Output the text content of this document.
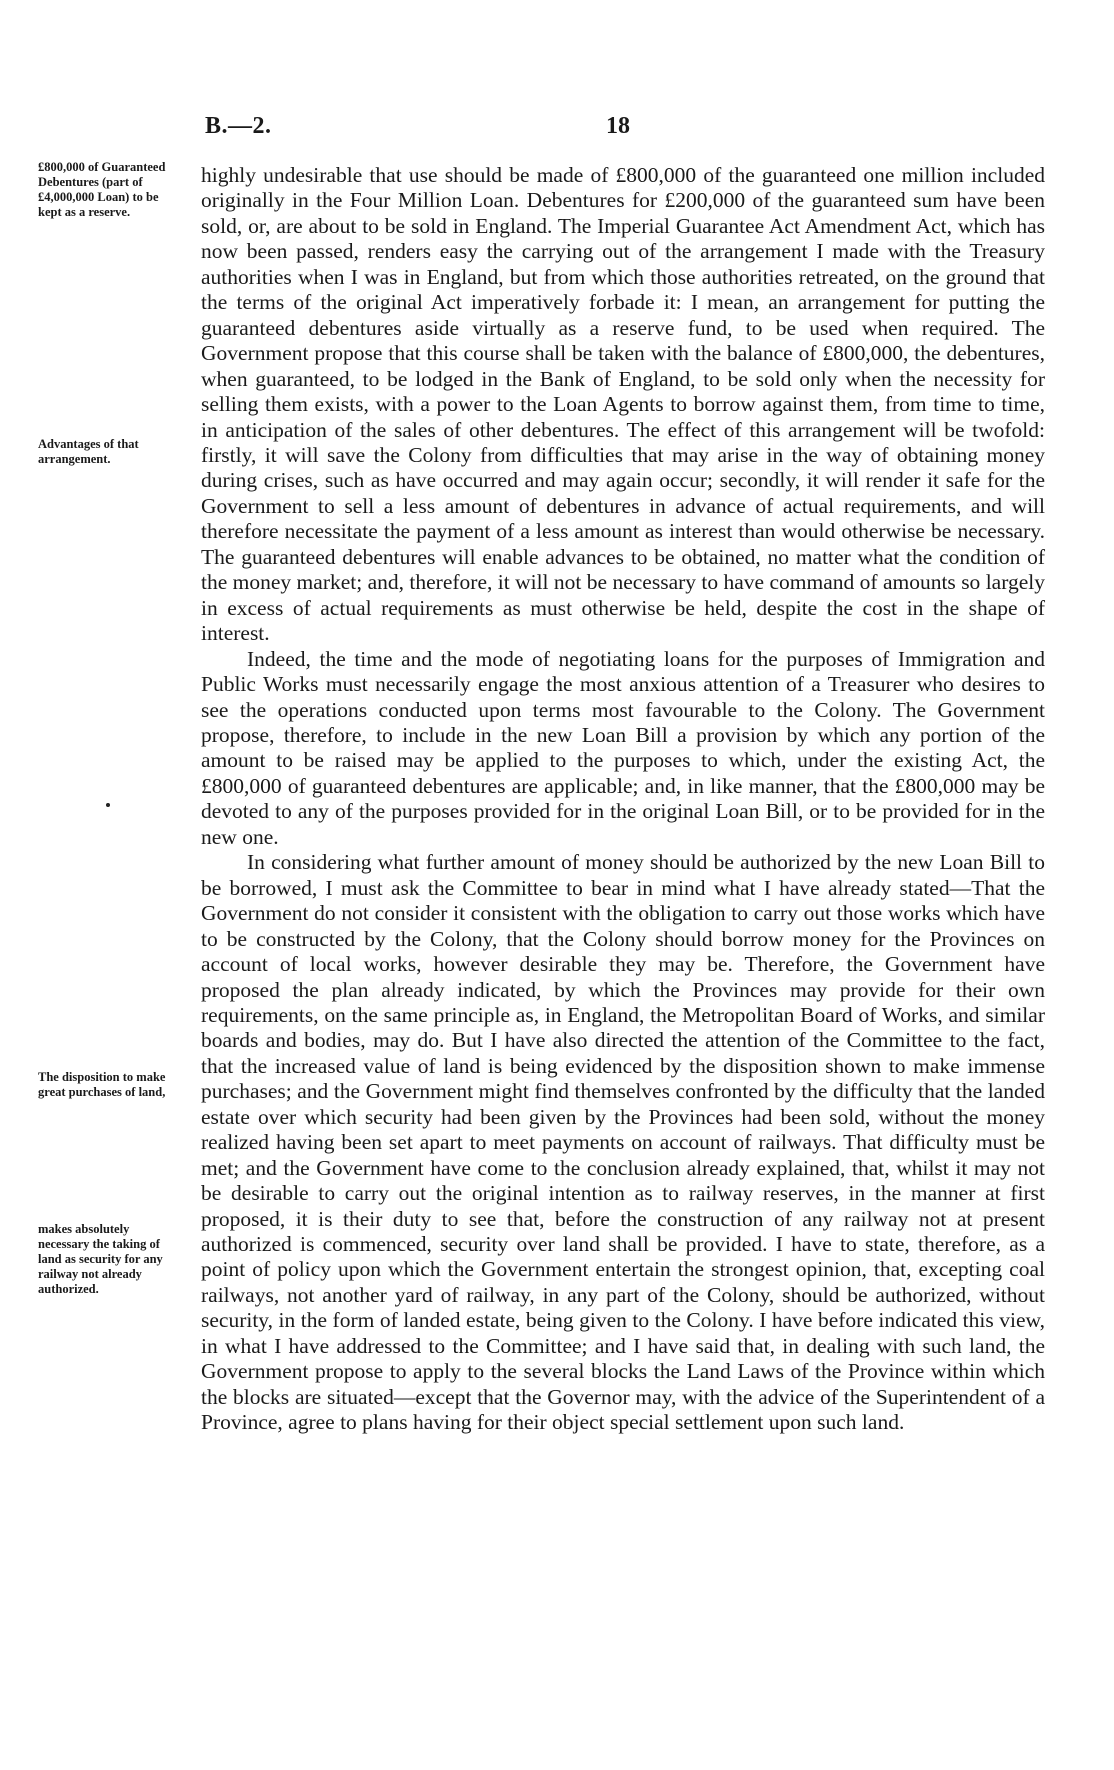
B.—2.	18
£800,000 of Guaranteed Debentures (part of £4,000,000 Loan) to be kept as a reserve.
Advantages of that arrangement.
The disposition to make great purchases of land,
makes absolutely necessary the taking of land as security for any railway not already authorized.

highly undesirable that use should be made of £800,000 of the guaranteed one million included originally in the Four Million Loan. Debentures for £200,000 of the guaranteed sum have been sold, or, are about to be sold in England. The Imperial Guarantee Act Amendment Act, which has now been passed, renders easy the carrying out of the arrangement I made with the Treasury authorities when I was in England, but from which those authorities retreated, on the ground that the terms of the original Act imperatively forbade it: I mean, an arrangement for putting the guaranteed debentures aside virtually as a reserve fund, to be used when required. The Government propose that this course shall be taken with the balance of £800,000, the debentures, when guaranteed, to be lodged in the Bank of England, to be sold only when the necessity for selling them exists, with a power to the Loan Agents to borrow against them, from time to time, in anticipation of the sales of other debentures. The effect of this arrangement will be twofold: firstly, it will save the Colony from difficulties that may arise in the way of obtaining money during crises, such as have occurred and may again occur; secondly, it will render it safe for the Government to sell a less amount of debentures in advance of actual requirements, and will therefore necessitate the payment of a less amount as interest than would otherwise be necessary. The guaranteed debentures will enable advances to be obtained, no matter what the condition of the money market; and, therefore, it will not be necessary to have command of amounts so largely in excess of actual requirements as must otherwise be held, despite the cost in the shape of interest.

Indeed, the time and the mode of negotiating loans for the purposes of Immigration and Public Works must necessarily engage the most anxious attention of a Treasurer who desires to see the operations conducted upon terms most favourable to the Colony. The Government propose, therefore, to include in the new Loan Bill a provision by which any portion of the amount to be raised may be applied to the purposes to which, under the existing Act, the £800,000 of guaranteed debentures are applicable; and, in like manner, that the £800,000 may be devoted to any of the purposes provided for in the original Loan Bill, or to be provided for in the new one.

In considering what further amount of money should be authorized by the new Loan Bill to be borrowed, I must ask the Committee to bear in mind what I have already stated—That the Government do not consider it consistent with the obligation to carry out those works which have to be constructed by the Colony, that the Colony should borrow money for the Provinces on account of local works, however desirable they may be. Therefore, the Government have proposed the plan already indicated, by which the Provinces may provide for their own requirements, on the same principle as, in England, the Metropolitan Board of Works, and similar boards and bodies, may do. But I have also directed the attention of the Committee to the fact, that the increased value of land is being evidenced by the disposition shown to make immense purchases; and the Government might find themselves confronted by the difficulty that the landed estate over which security had been given by the Provinces had been sold, without the money realized having been set apart to meet payments on account of railways. That difficulty must be met; and the Government have come to the conclusion already explained, that, whilst it may not be desirable to carry out the original intention as to railway reserves, in the manner at first proposed, it is their duty to see that, before the construction of any railway not at present authorized is commenced, security over land shall be provided. I have to state, therefore, as a point of policy upon which the Government entertain the strongest opinion, that, excepting coal railways, not another yard of railway, in any part of the Colony, should be authorized, without security, in the form of landed estate, being given to the Colony. I have before indicated this view, in what I have addressed to the Committee; and I have said that, in dealing with such land, the Government propose to apply to the several blocks the Land Laws of the Province within which the blocks are situated—except that the Governor may, with the advice of the Superintendent of a Province, agree to plans having for their object special settlement upon such land.
